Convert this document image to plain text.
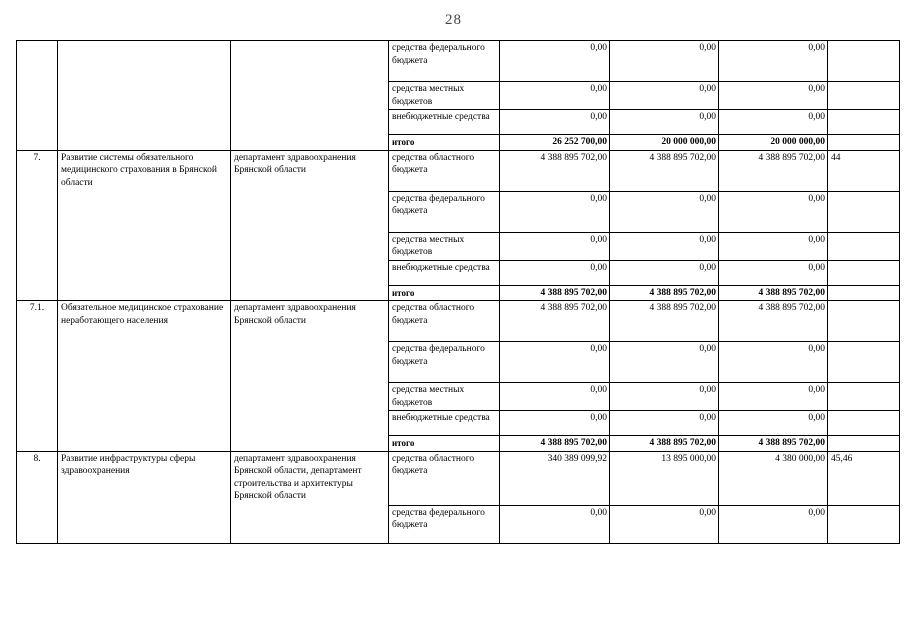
28
			средства федерального бюджета	0,00	0,00	0,00	
			средства местных бюджетов	0,00	0,00	0,00	
			внебюджетные средства	0,00	0,00	0,00	
			итого	26 252 700,00	20 000 000,00	20 000 000,00	
7.	Развитие системы обязательного медицинского страхования в Брянской области	департамент здравоохранения Брянской области	средства областного бюджета	4 388 895 702,00	4 388 895 702,00	4 388 895 702,00	44
			средства федерального бюджета	0,00	0,00	0,00	
			средства местных бюджетов	0,00	0,00	0,00	
			внебюджетные средства	0,00	0,00	0,00	
			итого	4 388 895 702,00	4 388 895 702,00	4 388 895 702,00	
7.1.	Обязательное медицинское страхование неработающего населения	департамент здравоохранения Брянской области	средства областного бюджета	4 388 895 702,00	4 388 895 702,00	4 388 895 702,00	
			средства федерального бюджета	0,00	0,00	0,00	
			средства местных бюджетов	0,00	0,00	0,00	
			внебюджетные средства	0,00	0,00	0,00	
			итого	4 388 895 702,00	4 388 895 702,00	4 388 895 702,00	
8.	Развитие инфраструктуры сферы здравоохранения	департамент здравоохранения Брянской области, департамент строительства и архитектуры Брянской области	средства областного бюджета	340 389 099,92	13 895 000,00	4 380 000,00	45,46
			средства федерального бюджета	0,00	0,00	0,00	
